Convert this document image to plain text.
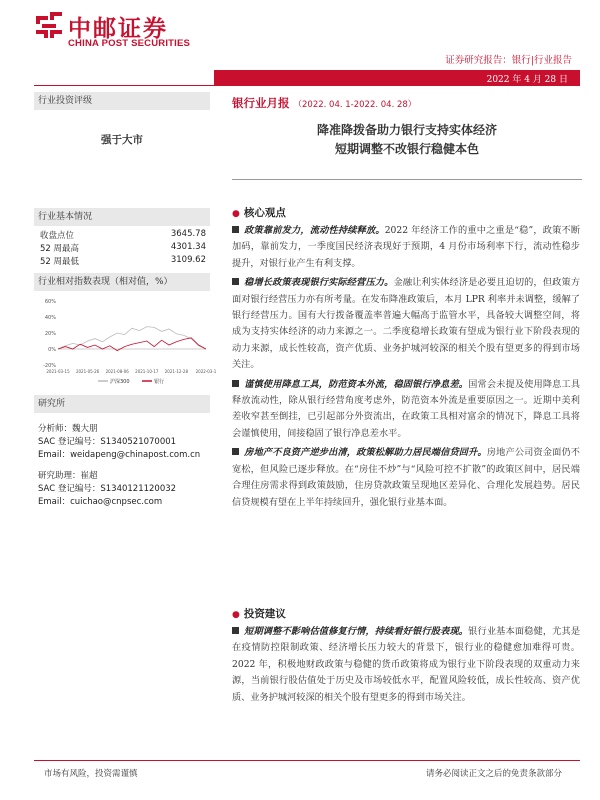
中邮证券
CHINA POST SECURITIES
证券研究报告：银行|行业报告
2022 年 4 月 28 日
行业投资评级
强于大市
行业基本情况
收盘点位	3645.78
52 周最高	4301.34
52 周最低	3109.62
行业相对指数表现（相对值，%）
60%
40%
20%
0%
-20%
2021-03-15 2021-05-26 2021-08-06 2021-10-17 2021-12-28 2022-03-1
沪深300	银行
研究所
分析师：魏大朋
SAC 登记编号：S1340521070001
Email：weidapeng@chinapost.com.cn
研究助理：崔超
SAC 登记编号：S1340121120032
Email：cuichao@cnpsec.com
银行业月报 （2022. 04. 1-2022. 04. 28）
降准降拨备助力银行支持实体经济
短期调整不改银行稳健本色
● 核心观点
政策靠前发力，流动性持续释放。2022 年经济工作的重中之重是“稳”，政策不断加码，靠前发力，一季度国民经济表现好于预期，4 月份市场利率下行，流动性稳步提升，对银行业产生有利支撑。
稳增长政策表现银行实际经营压力。金融让利实体经济是必要且迫切的，但政策方面对银行经营压力亦有所考量。在发布降准政策后，本月 LPR 利率并未调整，缓解了银行经营压力。国有大行拨备覆盖率普遍大幅高于监管水平，具备较大调整空间，将成为支持实体经济的动力来源之一。二季度稳增长政策有望成为银行业下阶段表现的动力来源，成长性较高，资产优质、业务护城河较深的相关个股有望更多的得到市场关注。
谨慎使用降息工具，防范资本外流，稳固银行净息差。国常会未提及使用降息工具释放流动性，除从银行经营角度考虑外，防范资本外流是重要原因之一。近期中美利差收窄甚至倒挂，已引起部分外资流出，在政策工具相对富余的情况下，降息工具将会谨慎使用，间接稳固了银行净息差水平。
房地产不良资产逆步出清，政策松解助力居民端信贷回升。房地产公司资金面仍不宽松，但风险已逐步释放。在“房住不炒”与“风险可控不扩散”的政策区间中，居民端合理住房需求得到政策鼓励，住房贷款政策呈现地区差异化、合理化发展趋势。居民信贷规模有望在上半年持续回升，强化银行业基本面。
● 投资建议
短期调整不影响估值修复行情，持续看好银行股表现。银行业基本面稳健，尤其是在疫情防控限制政策、经济增长压力较大的背景下，银行业的稳健愈加难得可贵。2022 年，积极地财政政策与稳健的货币政策将成为银行业下阶段表现的双重动力来源，当前银行股估值处于历史及市场较低水平，配置风险较低，成长性较高、资产优质、业务护城河较深的相关个股有望更多的得到市场关注。
市场有风险，投资需谨慎	请务必阅读正文之后的免责条款部分
